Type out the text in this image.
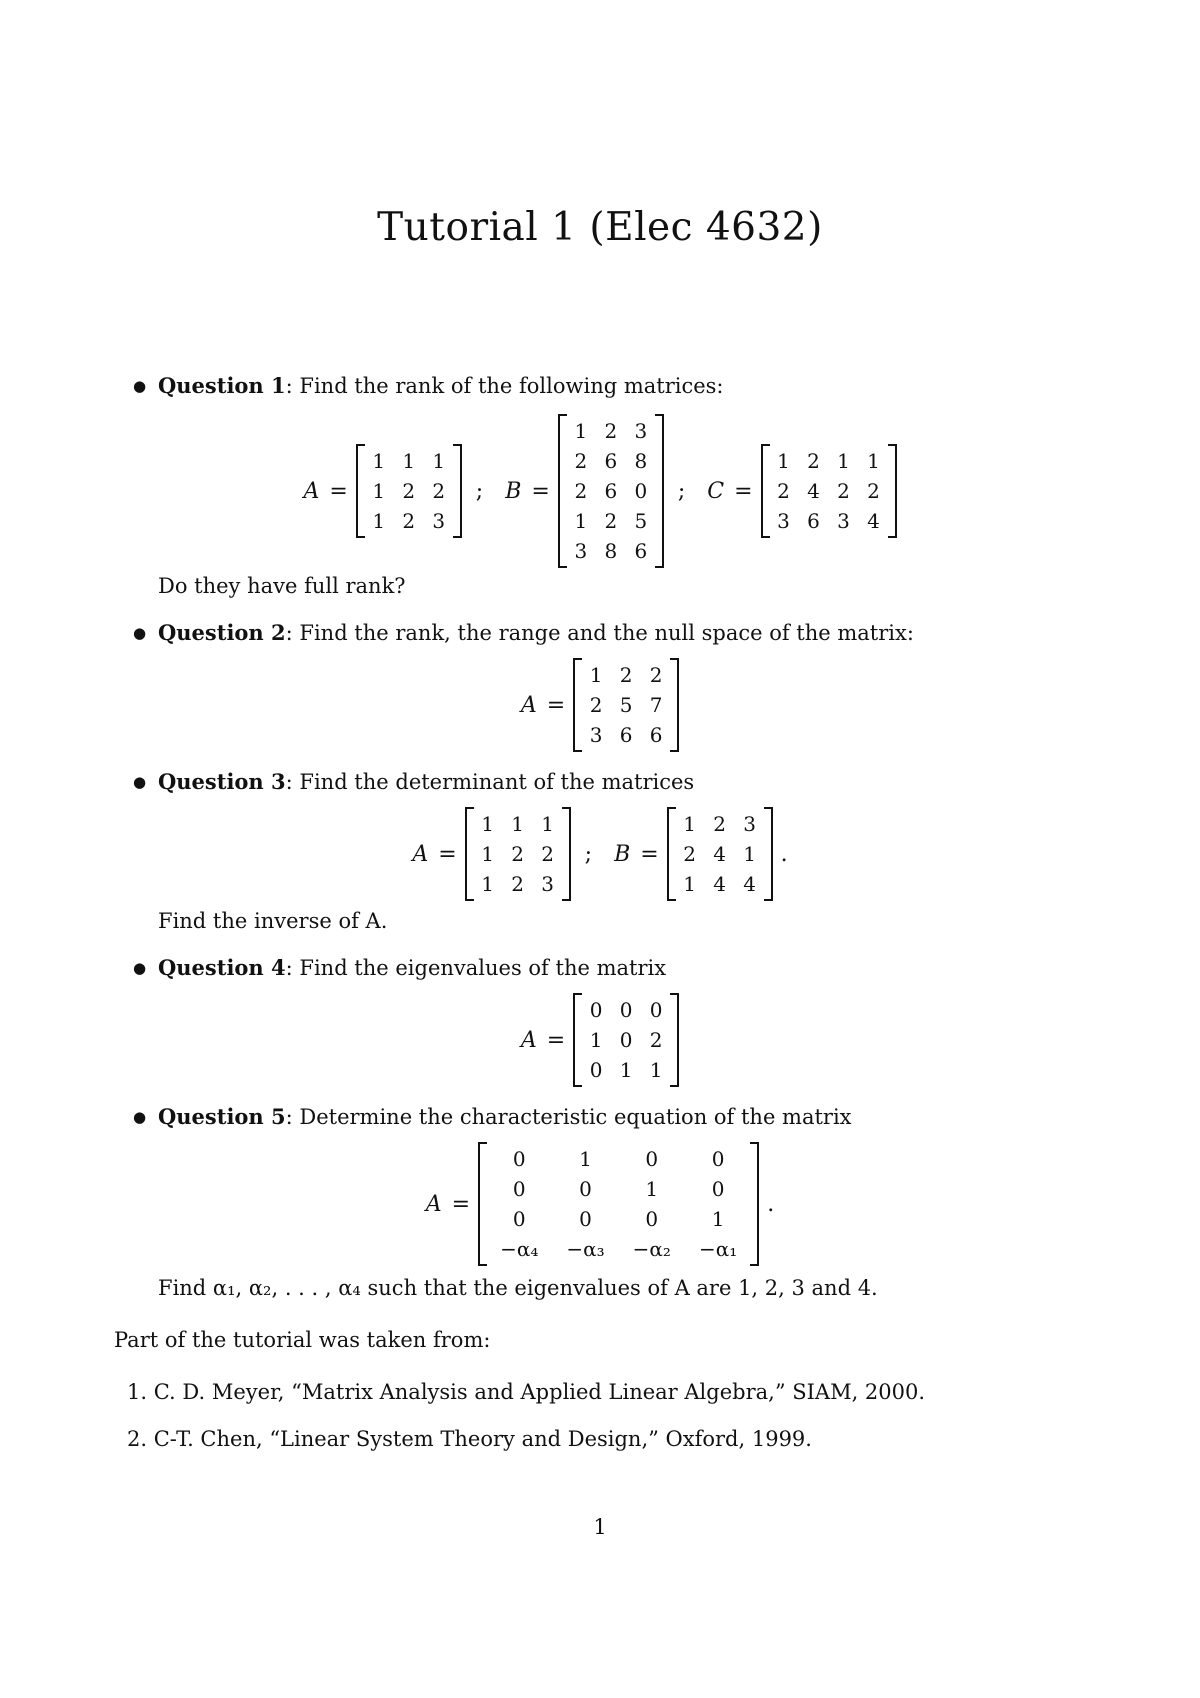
Tutorial 1 (Elec 4632)
● Question 1: Find the rank of the following matrices:
A =
1	1	1
1	2	2
1	2	3
; B =
1	2	3
2	6	8
2	6	0
1	2	5
3	8	6
; C =
1	2	1	1
2	4	2	2
3	6	3	4
Do they have full rank?
● Question 2: Find the rank, the range and the null space of the matrix:
A =
1	2	2
2	5	7
3	6	6
● Question 3: Find the determinant of the matrices
A =
1	1	1
1	2	2
1	2	3
; B =
1	2	3
2	4	1
1	4	4
.
Find the inverse of A.
● Question 4: Find the eigenvalues of the matrix
A =
0	0	0
1	0	2
0	1	1
● Question 5: Determine the characteristic equation of the matrix
A =
0	1	0	0
0	0	1	0
0	0	0	1
−α₄	−α₃	−α₂	−α₁
.
Find α₁, α₂, . . . , α₄ such that the eigenvalues of A are 1, 2, 3 and 4.
Part of the tutorial was taken from:
1. C. D. Meyer, “Matrix Analysis and Applied Linear Algebra,” SIAM, 2000.
2. C-T. Chen, “Linear System Theory and Design,” Oxford, 1999.
1
